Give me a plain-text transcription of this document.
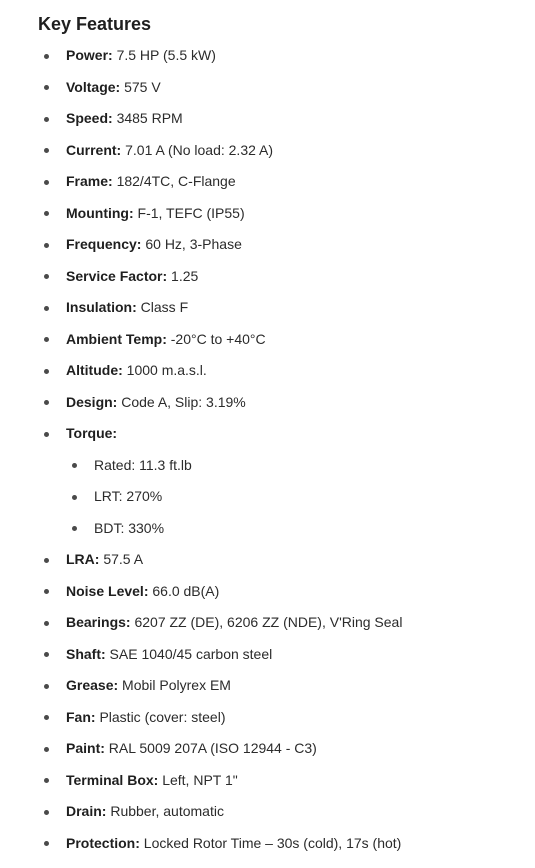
Key Features
Power: 7.5 HP (5.5 kW)
Voltage: 575 V
Speed: 3485 RPM
Current: 7.01 A (No load: 2.32 A)
Frame: 182/4TC, C-Flange
Mounting: F-1, TEFC (IP55)
Frequency: 60 Hz, 3-Phase
Service Factor: 1.25
Insulation: Class F
Ambient Temp: -20°C to +40°C
Altitude: 1000 m.a.s.l.
Design: Code A, Slip: 3.19%
Torque:
Rated: 11.3 ft.lb
LRT: 270%
BDT: 330%
LRA: 57.5 A
Noise Level: 66.0 dB(A)
Bearings: 6207 ZZ (DE), 6206 ZZ (NDE), V'Ring Seal
Shaft: SAE 1040/45 carbon steel
Grease: Mobil Polyrex EM
Fan: Plastic (cover: steel)
Paint: RAL 5009 207A (ISO 12944 - C3)
Terminal Box: Left, NPT 1"
Drain: Rubber, automatic
Protection: Locked Rotor Time – 30s (cold), 17s (hot)
